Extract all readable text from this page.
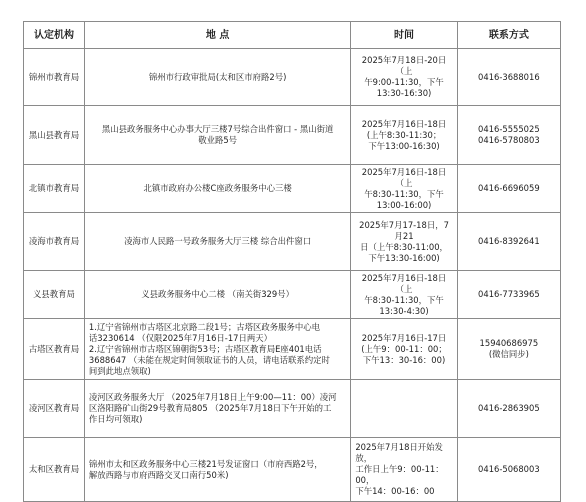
认定机构	地 点	时间	联系方式
锦州市教育局	锦州市行政审批局(太和区市府路2号)	2025年7月18日-20日（上
午9:00-11:30，下午
13:30-16:30)	0416-3688016

黑山县教育局	黑山县政务服务中心办事大厅三楼7号综合出件窗口 - 黑山街道
敬业路5号	2025年7月16日-18日
(上午8:30-11:30；
下午13:00-16:30)	0416-5555025
0416-5780803

北镇市教育局	北镇市政府办公楼C座政务服务中心三楼	2025年7月16日-18日（上
午8:30-11:30，下午
13:00-16:00)	0416-6696059

凌海市教育局	凌海市人民路一号政务服务大厅三楼 综合出件窗口	2025年7月17-18日，7月21
日（上午8:30-11:00，
下午13:30-16:00)	0416-8392641

义县教育局	义县政务服务中心二楼 （南关街329号）	2025年7月16日-18日（上
午8:30-11:30，下午
13:30-4:30)	0416-7733965

古塔区教育局	1.辽宁省锦州市古塔区北京路二段1号；古塔区政务服务中心电
话3230614 （仅限2025年7月16日-17日两天）
2.辽宁省锦州市古塔区锦朝街53号；古塔区教育局E座401电话
3688647 （未能在规定时间领取证书的人员，请电话联系约定时
间到此地点领取)	2025年7月16日-17日
(上午9：00-11：00；
下午13：30-16：00)	15940686975
(微信同步)

凌河区教育局	凌河区政务服务大厅 （2025年7月18日上午9:00—11：00）凌河
区洛阳路矿山街29号教育局805 （2025年7月18日下午开始的工
作日均可领取)		0416-2863905

太和区教育局	锦州市太和区政务服务中心三楼21号发证窗口（市府西路2号，
解放西路与市府西路交叉口南行50米)	2025年7月18日开始发放，
工作日上午9：00-11：00，
下午14：00-16：00	0416-5068003
